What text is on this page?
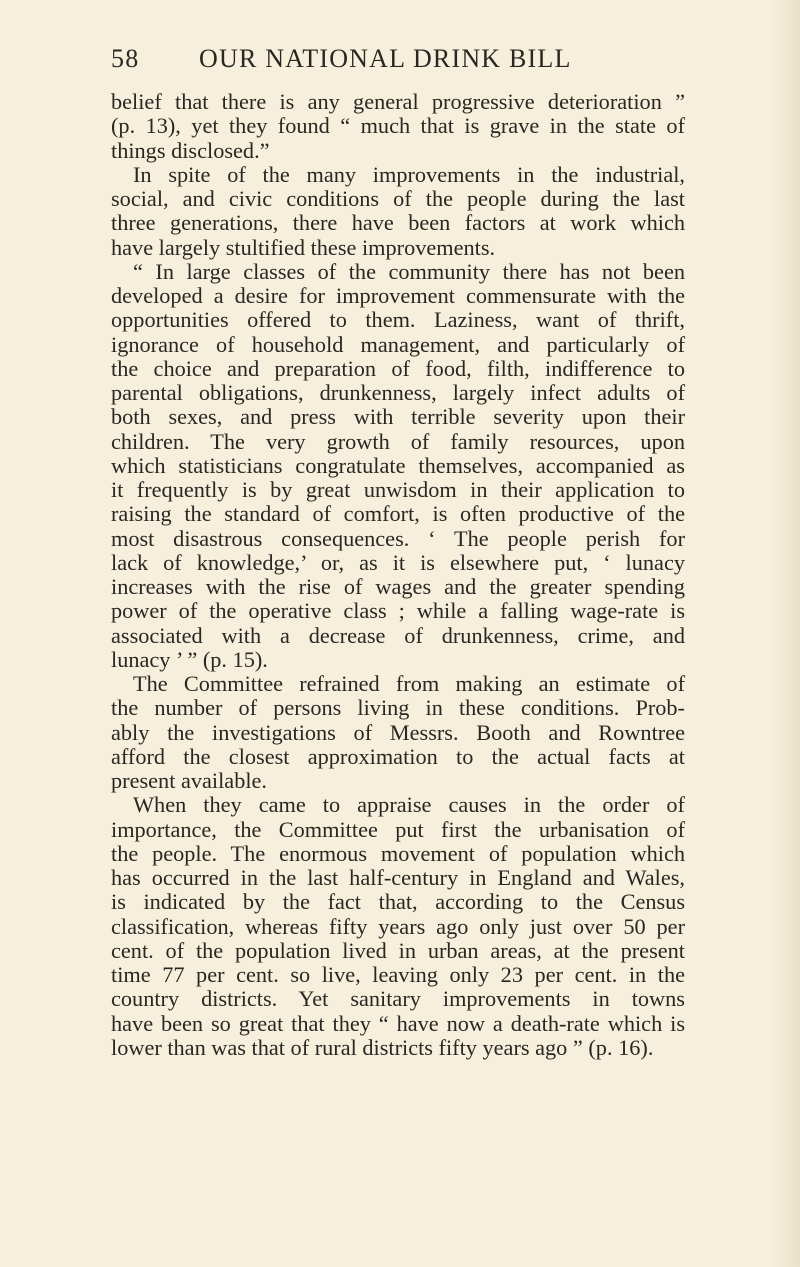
58 OUR NATIONAL DRINK BILL

belief that there is any general progressive deterioration ”
(p. 13), yet they found “ much that is grave in the state of
things disclosed.”

In spite of the many improvements in the industrial,
social, and civic conditions of the people during the last
three generations, there have been factors at work which
have largely stultified these improvements.

“ In large classes of the community there has not been
developed a desire for improvement commensurate with the
opportunities offered to them. Laziness, want of thrift,
ignorance of household management, and particularly of
the choice and preparation of food, filth, indifference to
parental obligations, drunkenness, largely infect adults of
both sexes, and press with terrible severity upon their
children. The very growth of family resources, upon
which statisticians congratulate themselves, accompanied as
it frequently is by great unwisdom in their application to
raising the standard of comfort, is often productive of the
most disastrous consequences. ‘ The people perish for
lack of knowledge,’ or, as it is elsewhere put, ‘ lunacy
increases with the rise of wages and the greater spending
power of the operative class ; while a falling wage-rate is
associated with a decrease of drunkenness, crime, and
lunacy ’ ” (p. 15).

The Committee refrained from making an estimate of
the number of persons living in these conditions. Prob-
ably the investigations of Messrs. Booth and Rowntree
afford the closest approximation to the actual facts at
present available.

When they came to appraise causes in the order of
importance, the Committee put first the urbanisation of
the people. The enormous movement of population which
has occurred in the last half-century in England and Wales,
is indicated by the fact that, according to the Census
classification, whereas fifty years ago only just over 50 per
cent. of the population lived in urban areas, at the present
time 77 per cent. so live, leaving only 23 per cent. in the
country districts. Yet sanitary improvements in towns
have been so great that they “ have now a death-rate which is
lower than was that of rural districts fifty years ago ” (p. 16).
